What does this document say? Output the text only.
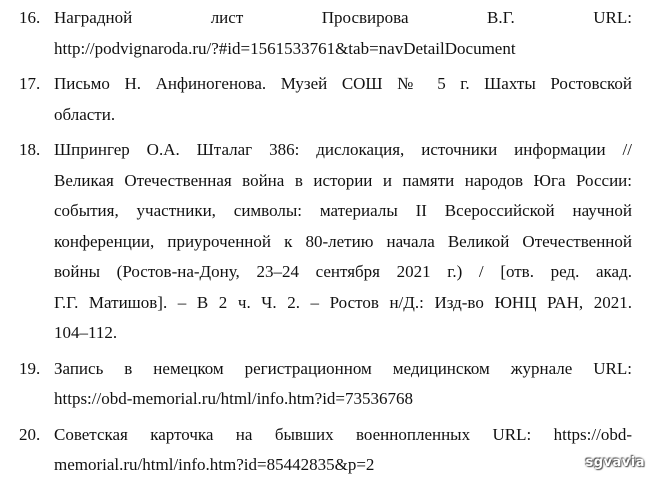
16. Наградной лист Просвирова В.Г. URL:
http://podvignaroda.ru/?#id=1561533761&tab=navDetailDocument
17. Письмо Н. Анфиногенова. Музей СОШ № 5 г. Шахты Ростовской
области.
18. Шпрингер О.А. Шталаг 386: дислокация, источники информации //
Великая Отечественная война в истории и памяти народов Юга России:
события, участники, символы: материалы II Всероссийской научной
конференции, приуроченной к 80-летию начала Великой Отечественной
войны (Ростов-на-Дону, 23–24 сентября 2021 г.) / [отв. ред. акад.
Г.Г. Матишов]. – В 2 ч. Ч. 2. – Ростов н/Д.: Изд-во ЮНЦ РАН, 2021.
104–112.
19. Запись в немецком регистрационном медицинском журнале URL:
https://obd-memorial.ru/html/info.htm?id=73536768
20. Советская карточка на бывших военнопленных URL: https://obd-
memorial.ru/html/info.htm?id=85442835&p=2	sgvavia
